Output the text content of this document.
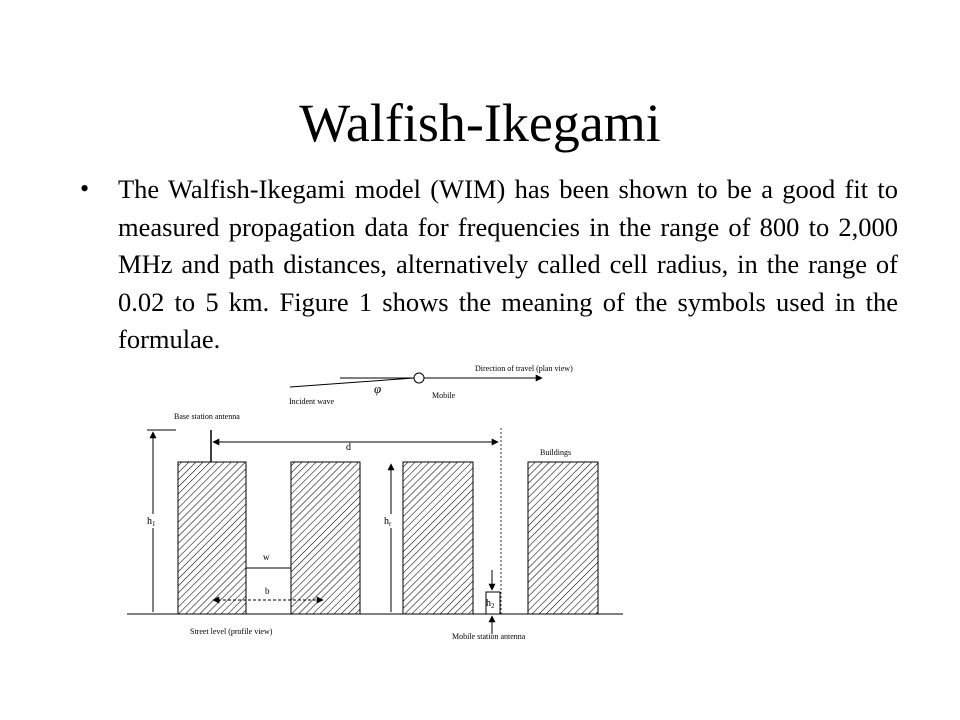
Walfish-Ikegami
• The Walfish-Ikegami model (WIM) has been shown to be a good fit to measured propagation data for frequencies in the range of 800 to 2,000 MHz and path distances, alternatively called cell radius, in the range of 0.02 to 5 km. Figure 1 shows the meaning of the symbols used in the formulae.
φ
Incident wave
Mobile
Direction of travel (plan view)
Base station antenna
$h_1$
d	Buildings
$h_r$
w
b
$h_2$
Street level (profile view)
Mobile station antenna
